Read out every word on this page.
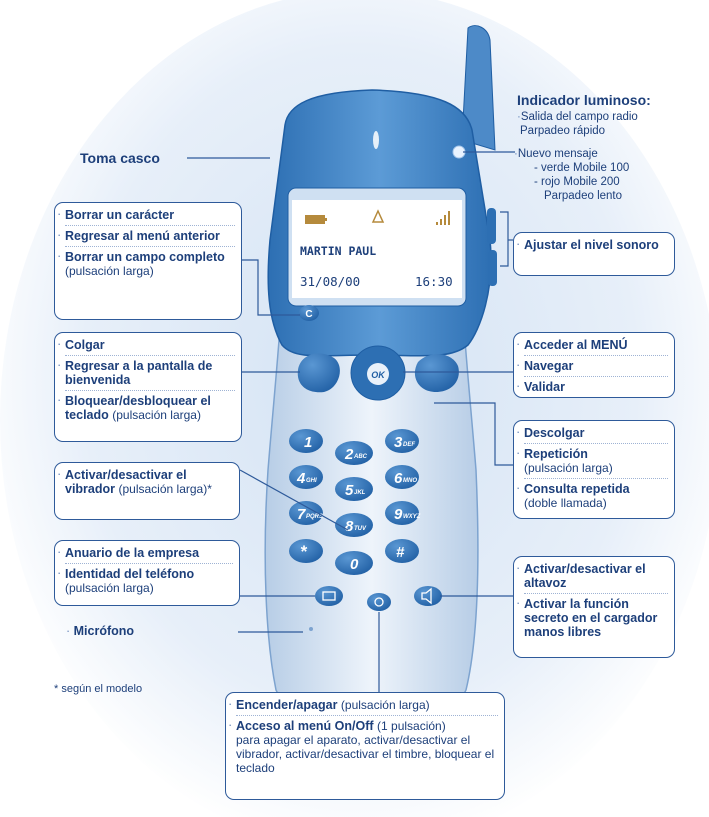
C
OK
1
2 ABC
3 DEF
4 GHI
5 JKL
6 MNO
7 PQRS
8 TUV
9 WXYZ
*
0
#
MARTIN PAUL
31/08/00	16:30
Indicador luminoso:
·Salida del campo radio
Parpadeo rápido
·Nuevo mensaje
- verde Mobile 100
- rojo Mobile 200
Parpadeo lento
Toma casco
· Borrar un carácter
· Regresar al menú anterior
· Borrar un campo completo (pulsación larga)
· Ajustar el nivel sonoro
· Colgar
· Regresar a la pantalla de bienvenida
· Bloquear/desbloquear el teclado (pulsación larga)
· Acceder al MENÚ
· Navegar
· Validar
· Descolgar
· Repetición
(pulsación larga)
· Consulta repetida
(doble llamada)
· Activar/desactivar el vibrador (pulsación larga)*
· Anuario de la empresa
· Identidad del teléfono
(pulsación larga)
· Activar/desactivar el altavoz
· Activar la función secreto en el cargador manos libres
· Micrófono
* según el modelo
· Encender/apagar (pulsación larga)
· Acceso al menú On/Off (1 pulsación)
para apagar el aparato, activar/desactivar el vibrador, activar/desactivar el timbre, bloquear el teclado
